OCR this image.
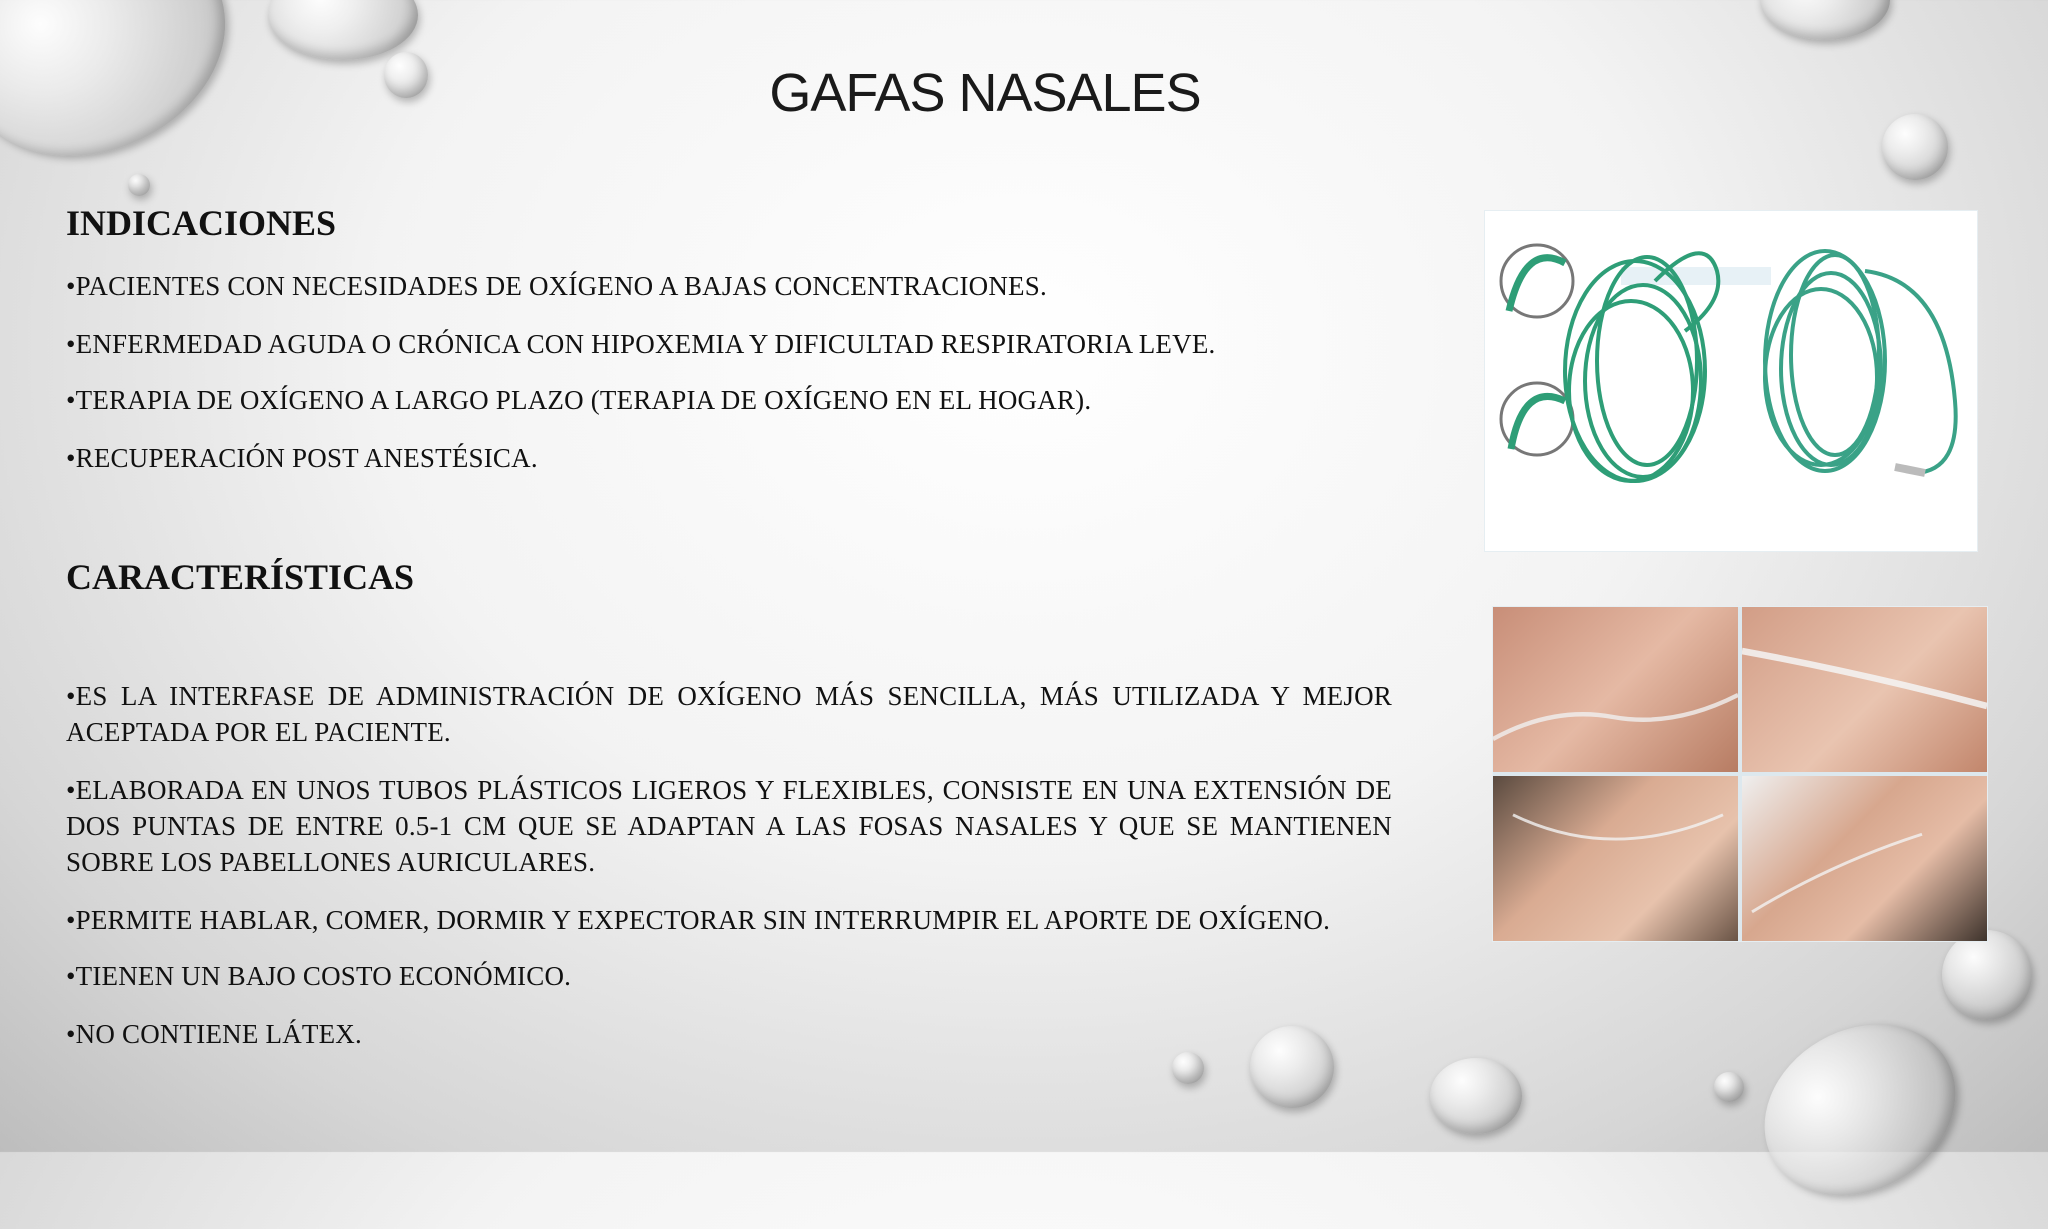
GAFAS NASALES
INDICACIONES
•PACIENTES CON NECESIDADES DE OXÍGENO A BAJAS CONCENTRACIONES.
•ENFERMEDAD AGUDA O CRÓNICA CON HIPOXEMIA Y DIFICULTAD RESPIRATORIA LEVE.
•TERAPIA DE OXÍGENO A LARGO PLAZO (TERAPIA DE OXÍGENO EN EL HOGAR).
•RECUPERACIÓN POST ANESTÉSICA.
CARACTERÍSTICAS
•ES LA INTERFASE DE ADMINISTRACIÓN DE OXÍGENO MÁS SENCILLA, MÁS UTILIZADA Y MEJOR ACEPTADA POR EL PACIENTE.
•ELABORADA EN UNOS TUBOS PLÁSTICOS LIGEROS Y FLEXIBLES, CONSISTE EN UNA EXTENSIÓN DE DOS PUNTAS DE ENTRE 0.5-1 CM QUE SE ADAPTAN A LAS FOSAS NASALES Y QUE SE MANTIENEN SOBRE LOS PABELLONES AURICULARES.
•PERMITE HABLAR, COMER, DORMIR Y EXPECTORAR SIN INTERRUMPIR EL APORTE DE OXÍGENO.
•TIENEN UN BAJO COSTO ECONÓMICO.
•NO CONTIENE LÁTEX.
